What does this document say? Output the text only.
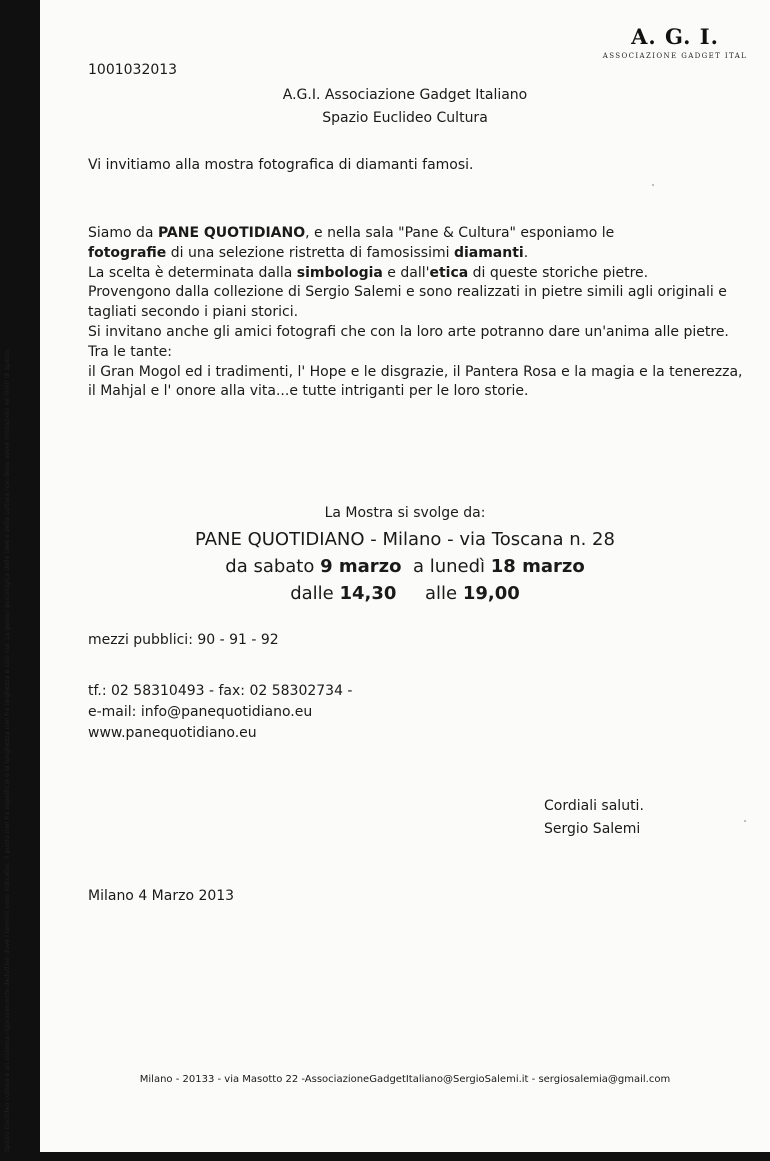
A. G. I.
ASSOCIAZIONE GADGET ITAL
1001032013
A.G.I. Associazione Gadget Italiano
Spazio Euclideo Cultura
Vi invitiamo alla mostra fotografica di diamanti famosi.
Siamo da PANE QUOTIDIANO, e nella sala "Pane & Cultura" esponiamo le
fotografie di una selezione ristretta di famosissimi diamanti.
La scelta è determinata dalla simbologia e dall'etica di queste storiche pietre.
Provengono dalla collezione di Sergio Salemi e sono realizzati in pietre simili agli originali e tagliati secondo i piani storici.
Si invitano anche gli amici fotografi che con la loro arte potranno dare un'anima alle pietre.
Tra le tante:
il Gran Mogol ed i tradimenti, l' Hope e le disgrazie, il Pantera Rosa e la magia e la tenerezza, il Mahjal e l' onore alla vita...e tutte intriganti per le loro storie.
La Mostra si svolge da:
PANE QUOTIDIANO - Milano - via Toscana n. 28
da sabato 9 marzo  a lunedì 18 marzo
dalle 14,30     alle 19,00
mezzi pubblici: 90 - 91 - 92
tf.: 02 58310493 - fax: 02 58302734 -
e-mail: info@panequotidiano.eu
www.panequotidiano.eu
Cordiali saluti.
Sergio Salemi
Milano 4 Marzo 2013
Milano - 20133 - via Masotto 22 -AssociazioneGadgetItaliano@SergioSalemi.it - sergiosalemia@gmail.com
Spazio Euclideo cultura è un sistema rigorosamente deduttivo dove i termini sono indicativi; il punto non ha superficie e la lunghezza non ha larghezza e così via. La genesi psicologica delle idee e della cultura non deve avere limitazioni né limiti di spazio.
